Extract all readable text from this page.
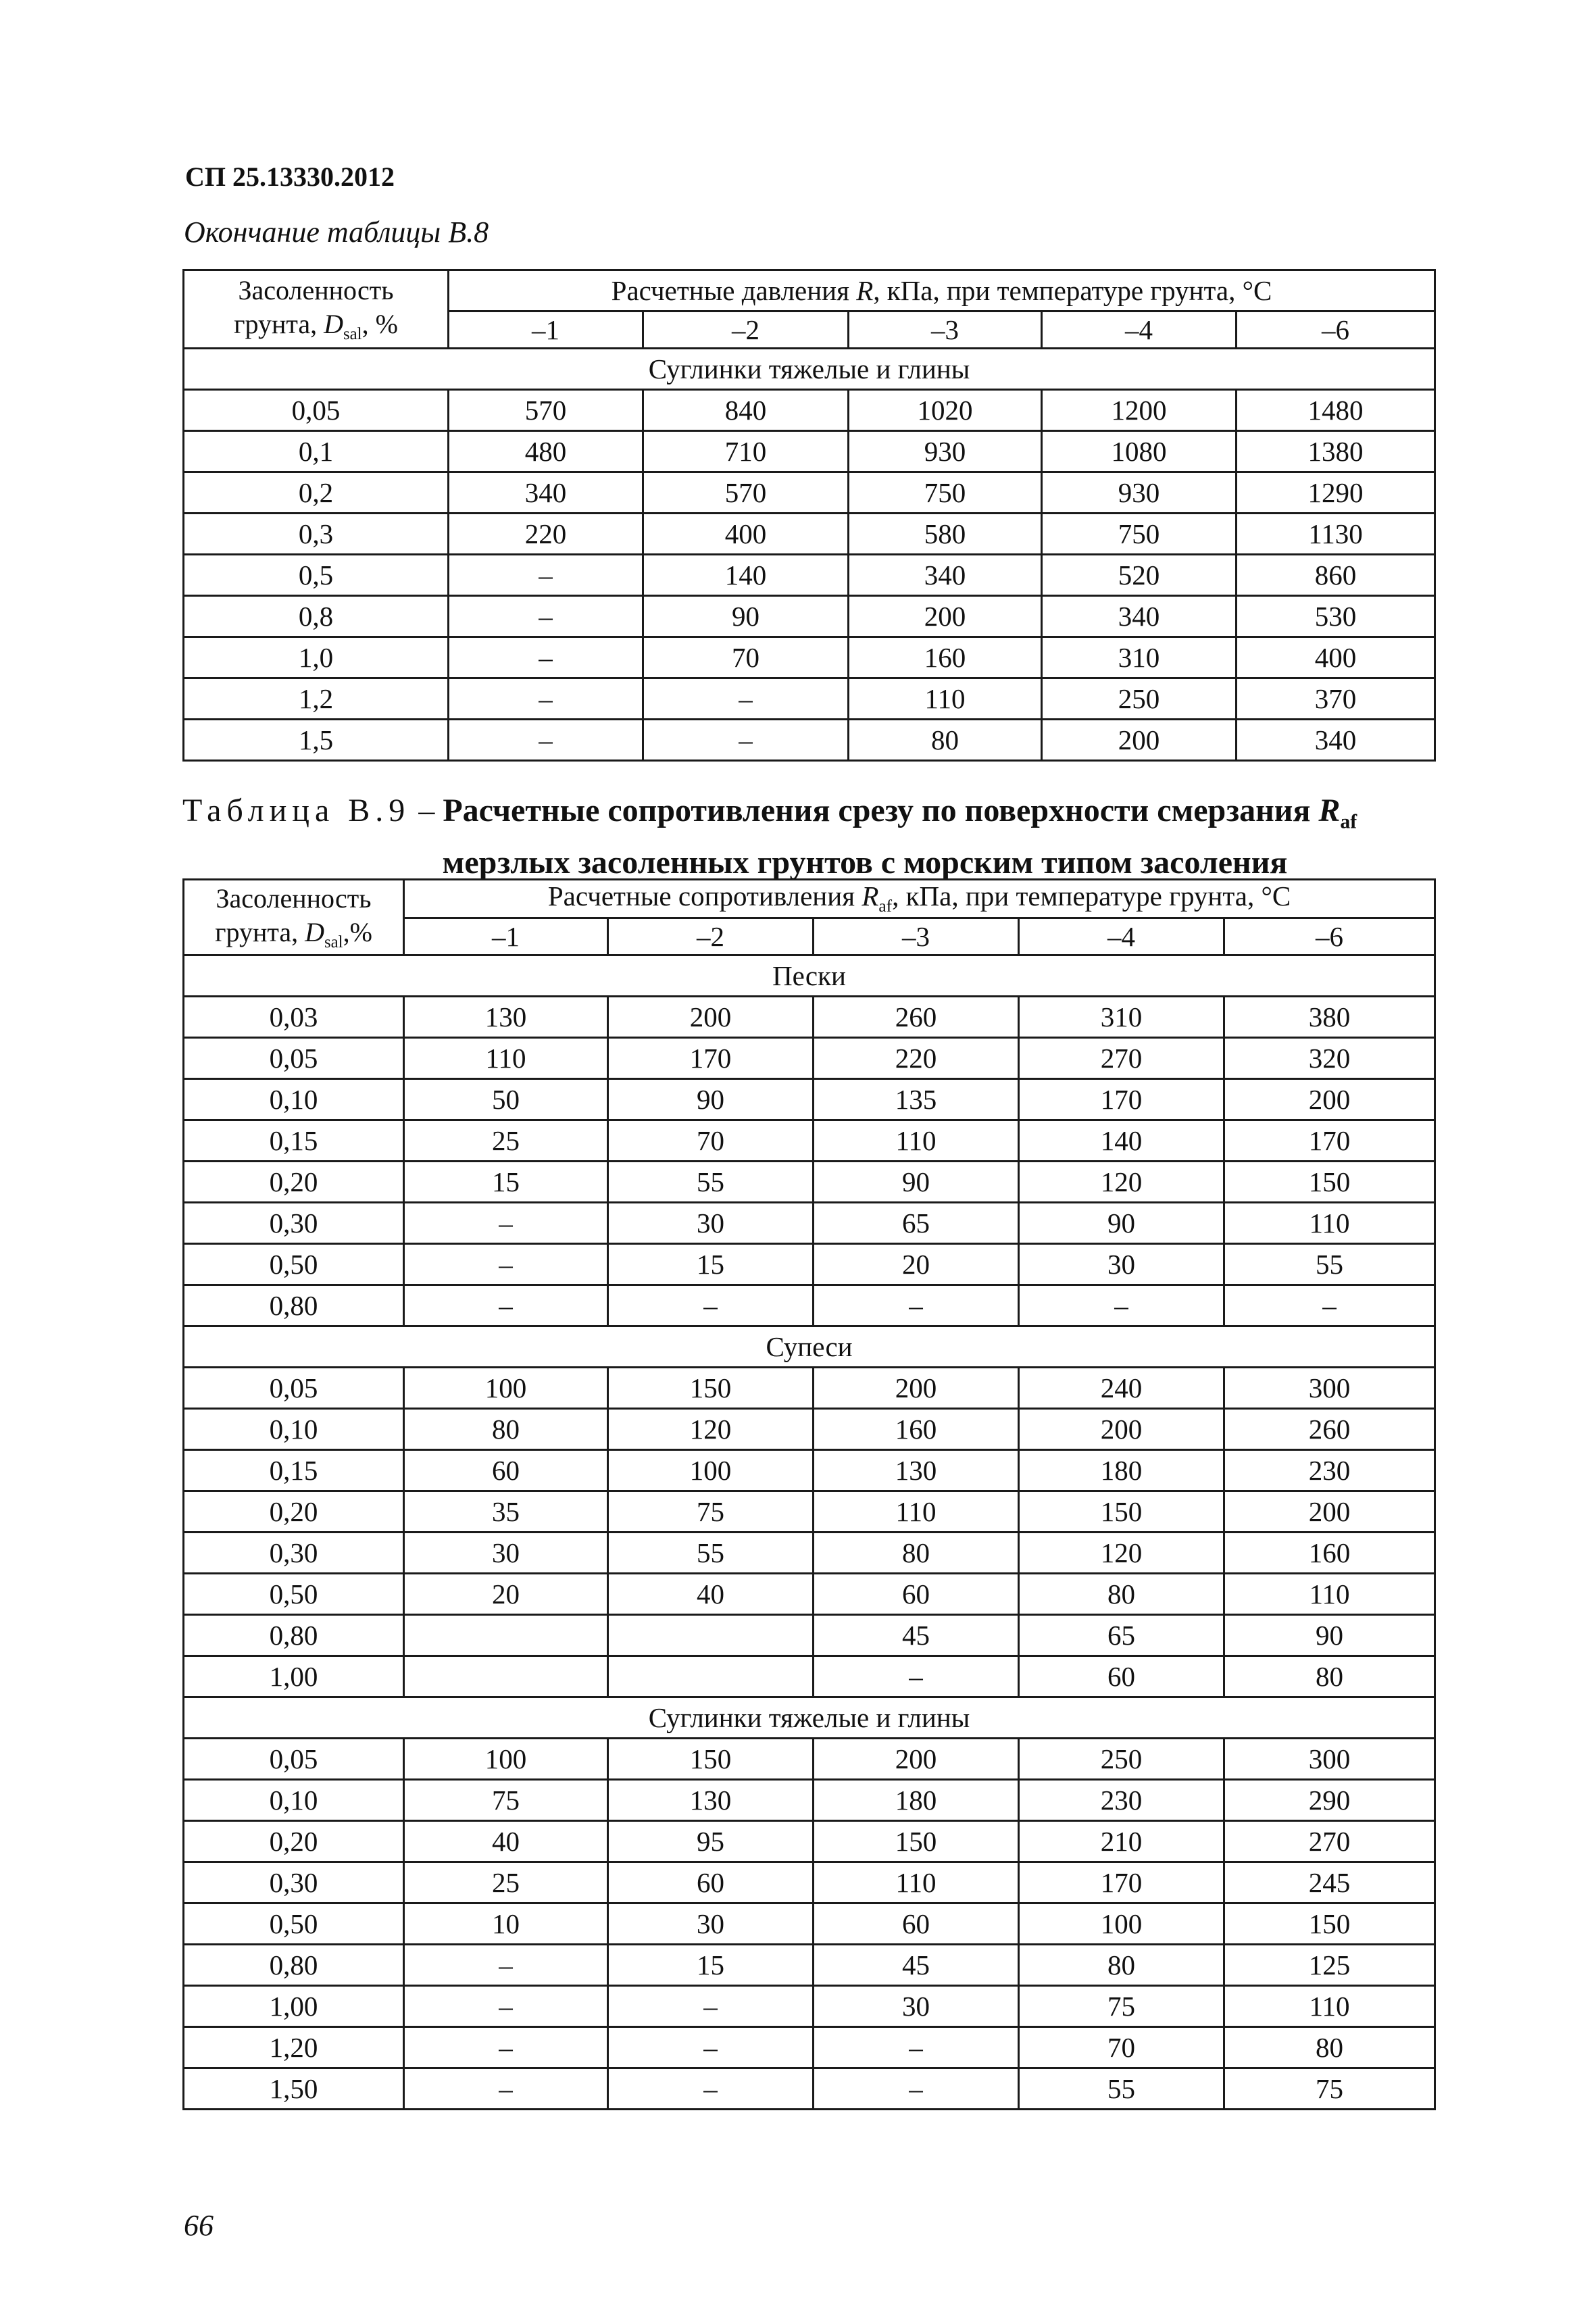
СП 25.13330.2012
Окончание таблицы В.8
Засоленность
грунта, $D_{sal}$, %	Расчетные давления R, кПа, при температуре грунта, °С				
	–1	–2	–3	–4	–6
Суглинки тяжелые и глины					
0,05	570	840	1020	1200	1480
0,1	480	710	930	1080	1380
0,2	340	570	750	930	1290
0,3	220	400	580	750	1130
0,5	–	140	340	520	860
0,8	–	90	200	340	530
1,0	–	70	160	310	400
1,2	–	–	110	250	370
1,5	–	–	80	200	340
Таблица В.9 – Расчетные сопротивления срезу по поверхности смерзания $R_{af}$
мерзлых засоленных грунтов с морским типом засоления
Засоленность
грунта, $D_{sal},\%$	Расчетные сопротивления $R_{af}$, кПа, при температуре грунта, °С				
	–1	–2	–3	–4	–6
Пески					
0,03	130	200	260	310	380
0,05	110	170	220	270	320
0,10	50	90	135	170	200
0,15	25	70	110	140	170
0,20	15	55	90	120	150
0,30	–	30	65	90	110
0,50	–	15	20	30	55
0,80	–	–	–	–	–
Супеси					
0,05	100	150	200	240	300
0,10	80	120	160	200	260
0,15	60	100	130	180	230
0,20	35	75	110	150	200
0,30	30	55	80	120	160
0,50	20	40	60	80	110
0,80			45	65	90
1,00			–	60	80
Суглинки тяжелые и глины					
0,05	100	150	200	250	300
0,10	75	130	180	230	290
0,20	40	95	150	210	270
0,30	25	60	110	170	245
0,50	10	30	60	100	150
0,80	–	15	45	80	125
1,00	–	–	30	75	110
1,20	–	–	–	70	80
1,50	–	–	–	55	75
66
